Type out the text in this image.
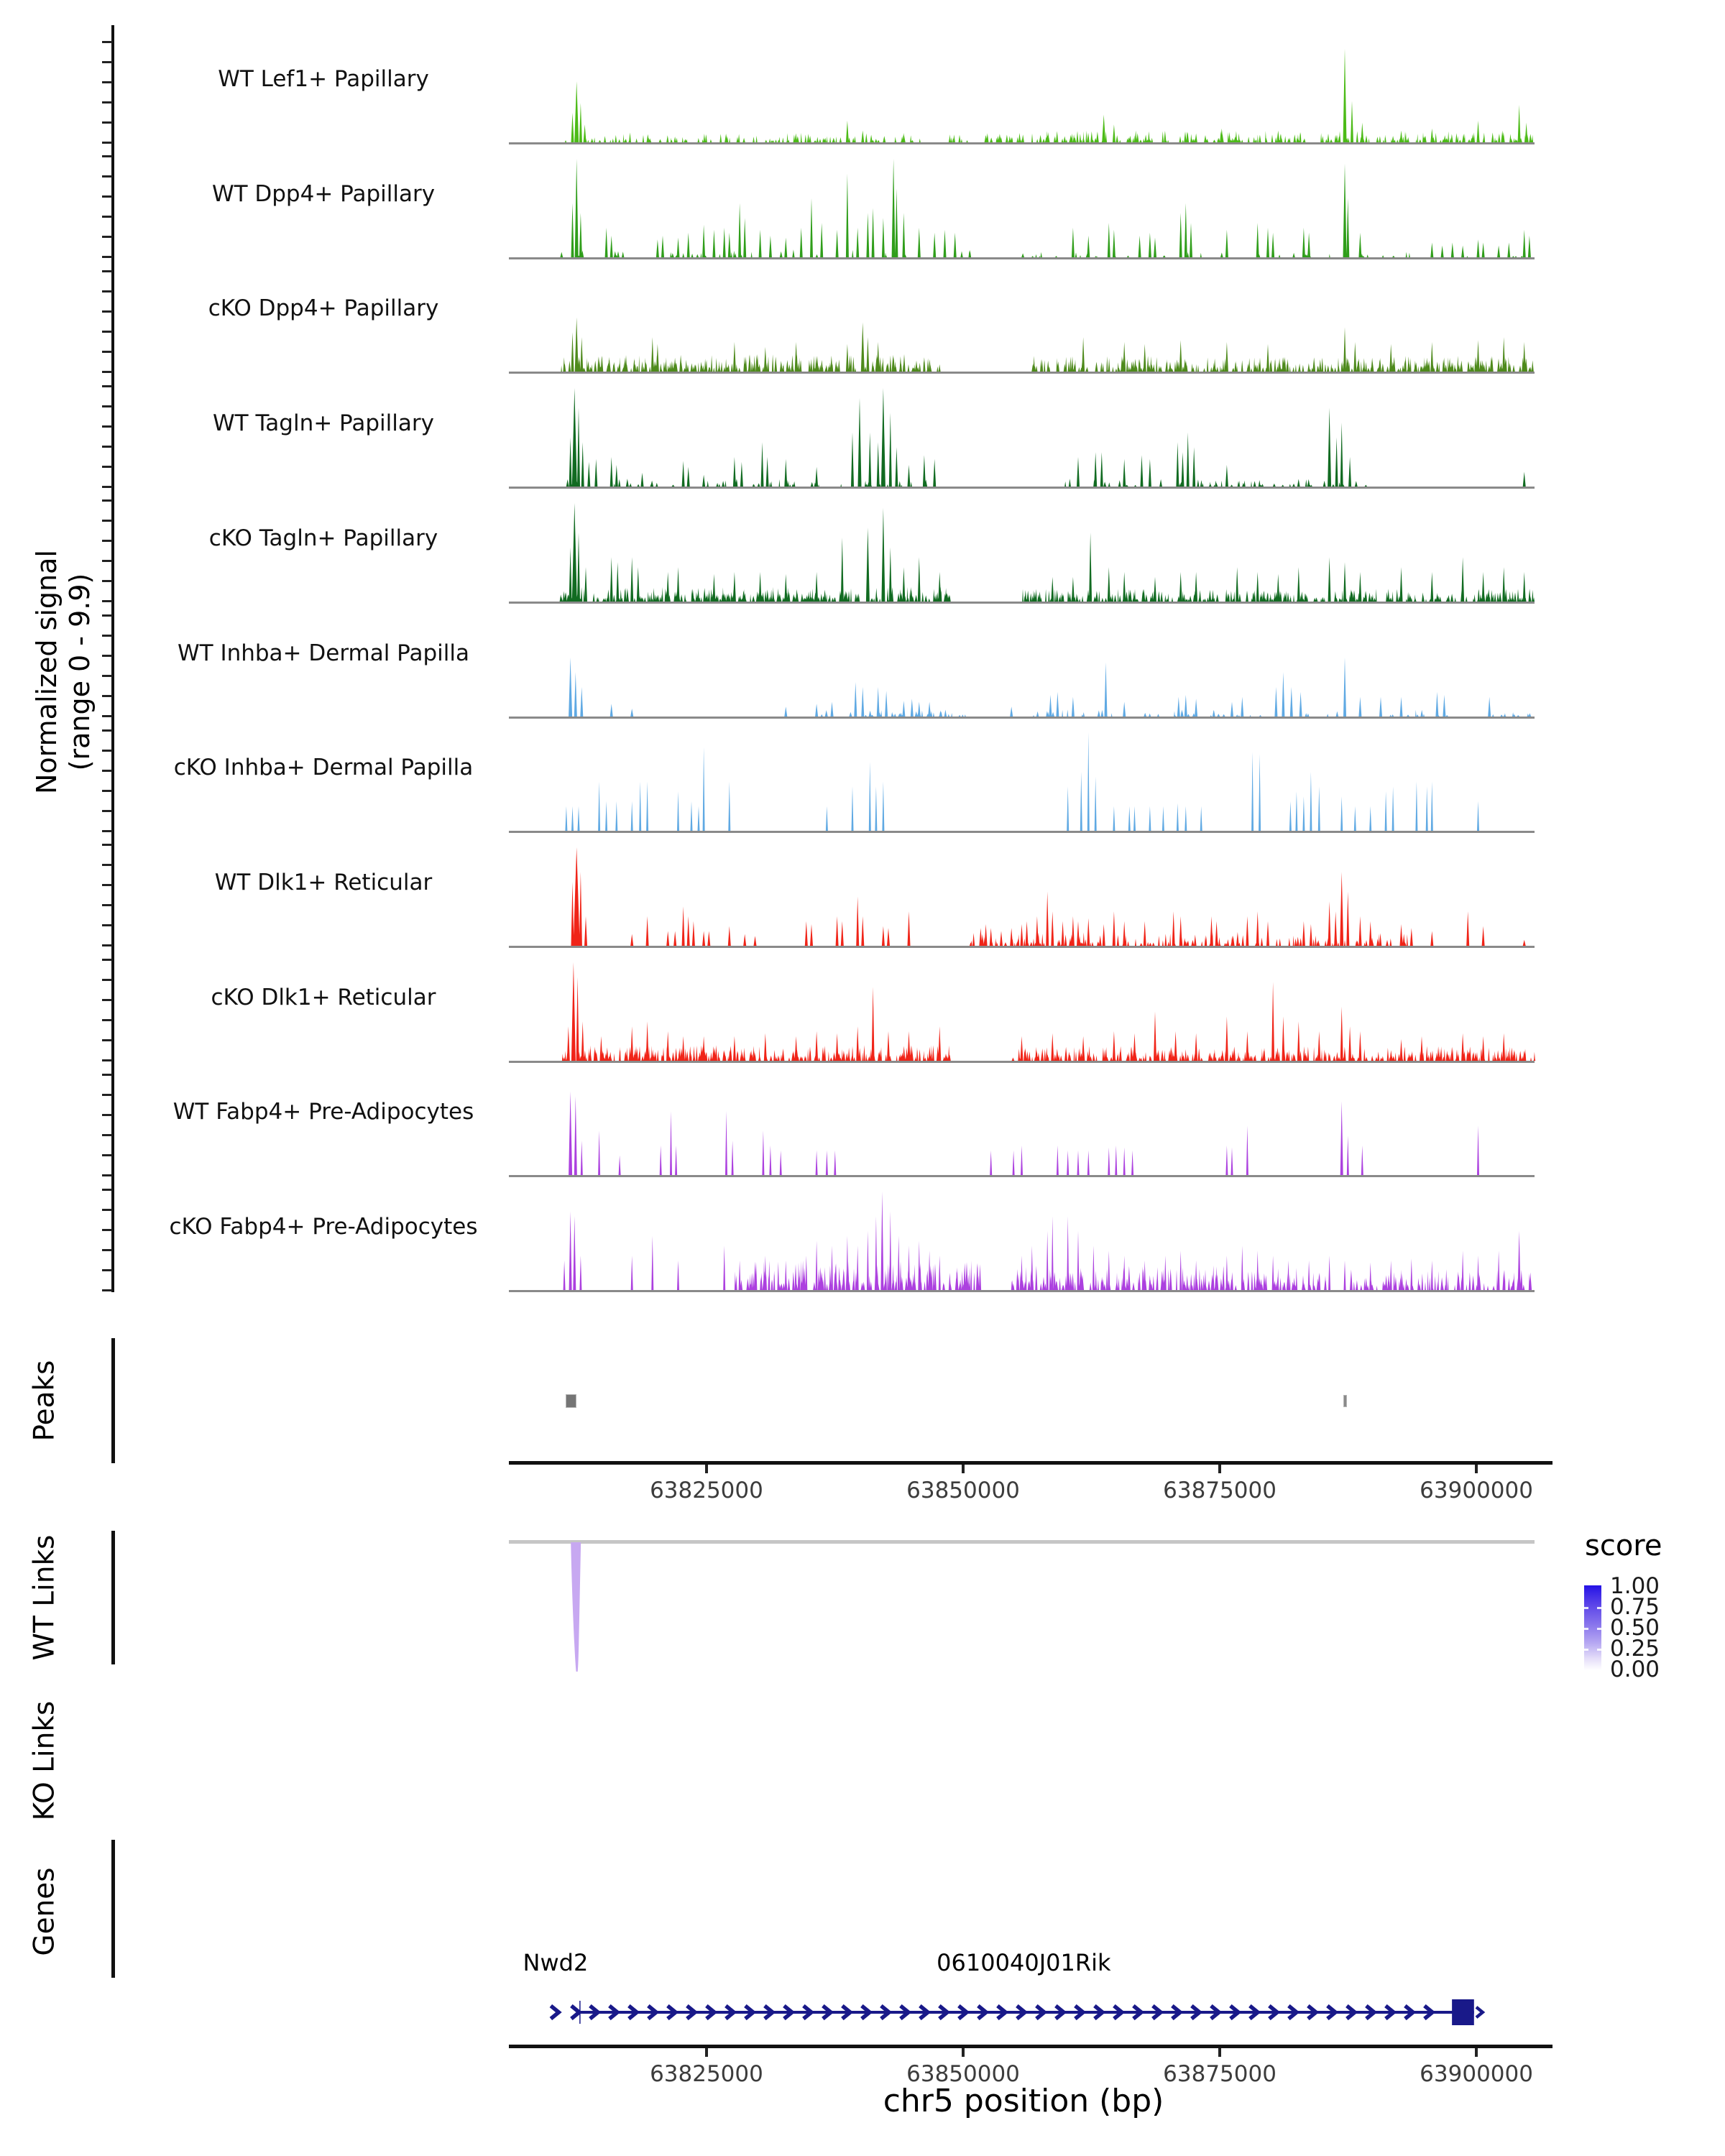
Normalized signal (range 0 - 9.9)
WT Lef1+ Papillary
WT Dpp4+ Papillary
cKO Dpp4+ Papillary
WT Tagln+ Papillary
cKO Tagln+ Papillary
WT Inhba+ Dermal Papilla
cKO Inhba+ Dermal Papilla
WT Dlk1+ Reticular
cKO Dlk1+ Reticular
WT Fabp4+ Pre-Adipocytes
cKO Fabp4+ Pre-Adipocytes
Peaks
WT Links
KO Links
Genes
63825000	63850000	63875000	63900000
score
1.00
0.75
0.50
0.25
0.00
Nwd2	0610040J01Rik
63825000	63850000	63875000	63900000
chr5 position (bp)
